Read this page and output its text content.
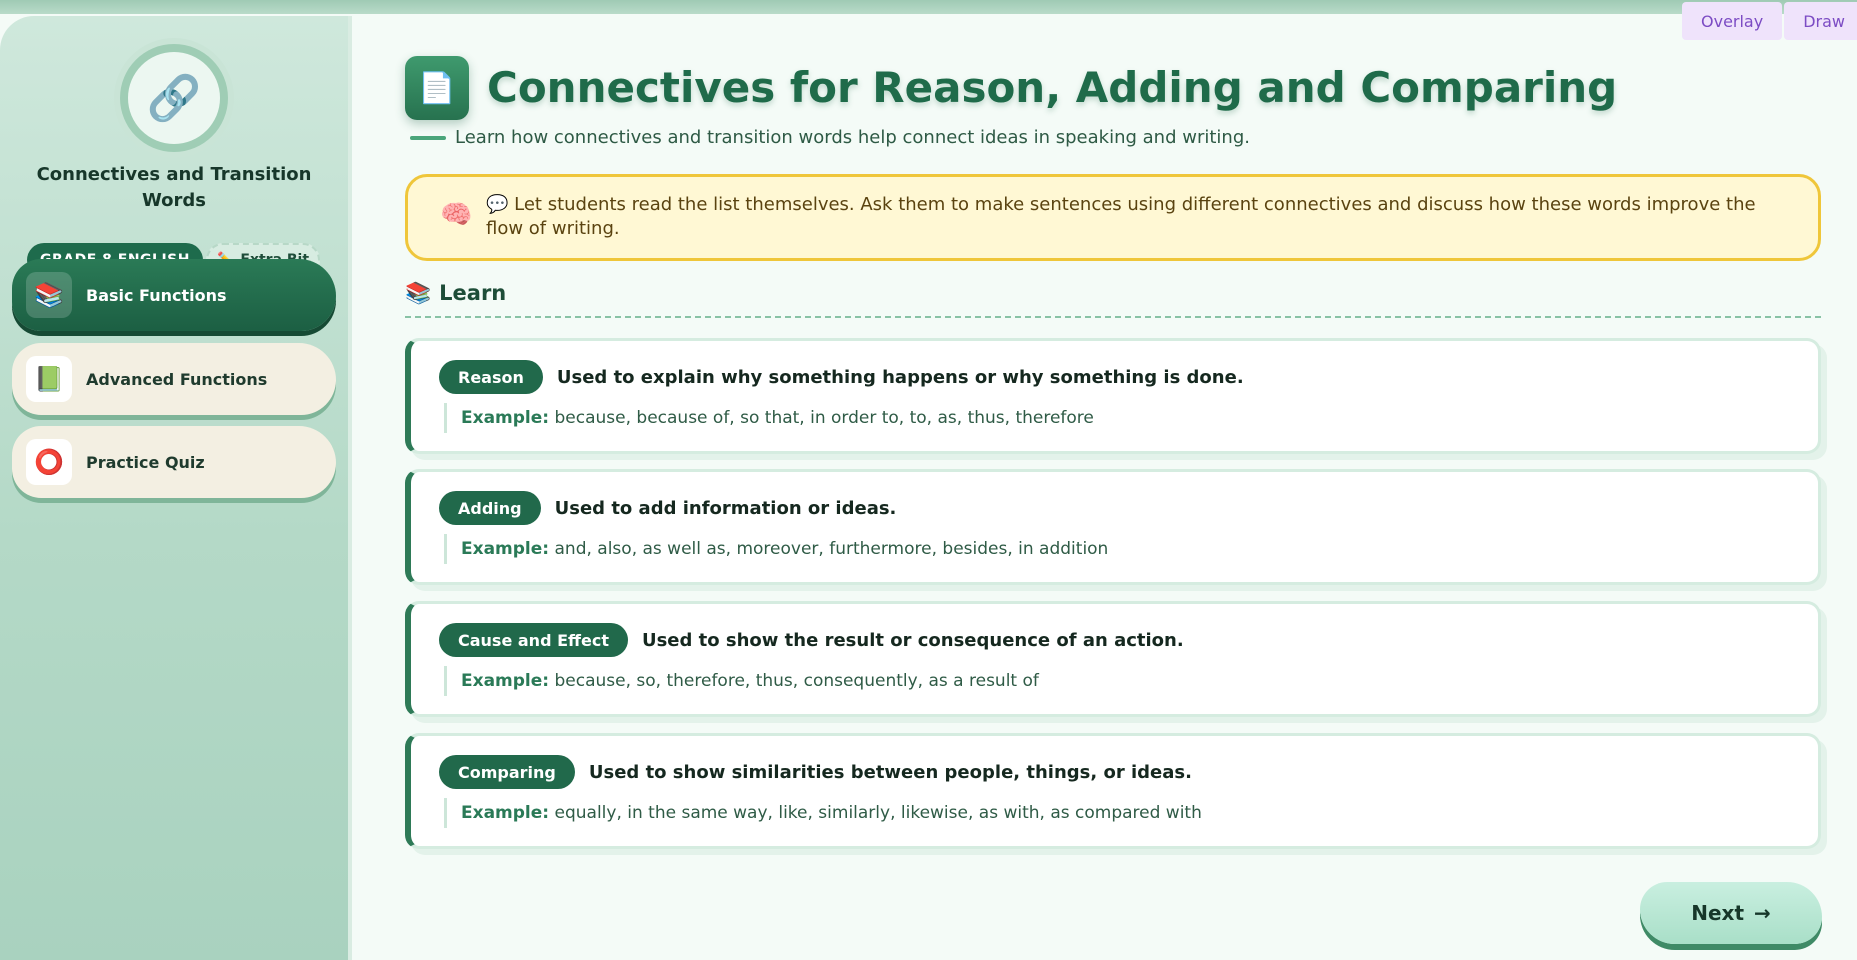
🔗
Connectives and Transition Words
📚	Basic Functions
📗	Advanced Functions
⭕	Practice Quiz
Overlay	Draw
📄 Connectives for Reason, Adding and Comparing
Learn how connectives and transition words help connect ideas in speaking and writing.
🧠 💬 Let students read the list themselves. Ask them to make sentences using different connectives and discuss how these words improve the flow of writing.
📚 Learn
Reason	Used to explain why something happens or why something is done.
Example: because, because of, so that, in order to, to, as, thus, therefore
Adding	Used to add information or ideas.
Example: and, also, as well as, moreover, furthermore, besides, in addition
Cause and Effect	Used to show the result or consequence of an action.
Example: because, so, therefore, thus, consequently, as a result of
Comparing	Used to show similarities between people, things, or ideas.
Example: equally, in the same way, like, similarly, likewise, as with, as compared with
Next →
